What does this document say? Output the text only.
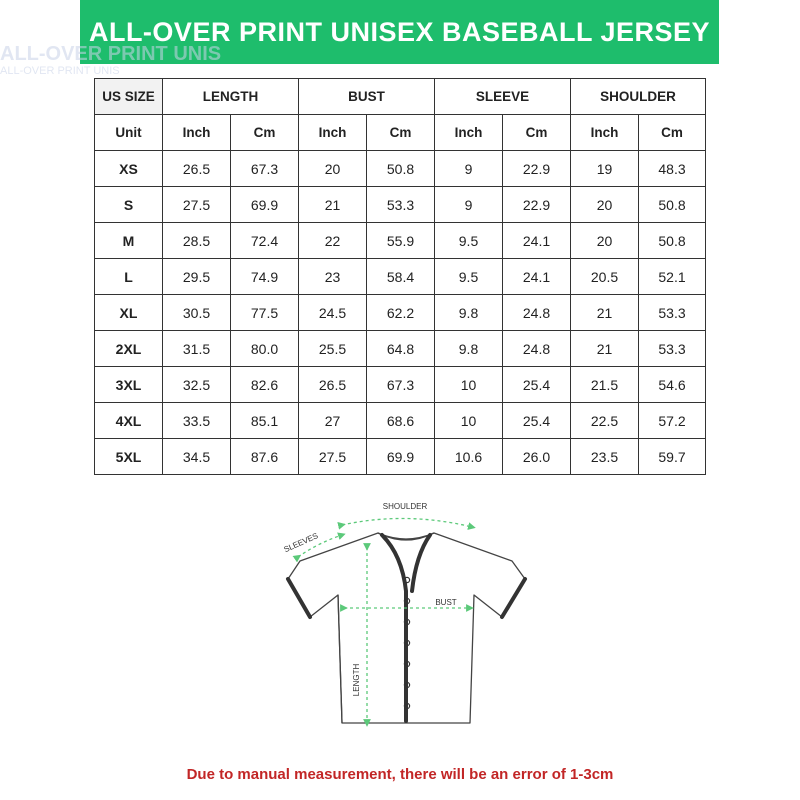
ALL-OVER PRINT UNISEX BASEBALL JERSEY
ALL-OVER PRINT UNIS
ALL-OVER PRINT UNIS
US SIZE	LENGTH		BUST		SLEEVE		SHOULDER	
Unit	Inch	Cm	Inch	Cm	Inch	Cm	Inch	Cm
XS	26.5	67.3	20	50.8	9	22.9	19	48.3
S	27.5	69.9	21	53.3	9	22.9	20	50.8
M	28.5	72.4	22	55.9	9.5	24.1	20	50.8
L	29.5	74.9	23	58.4	9.5	24.1	20.5	52.1
XL	30.5	77.5	24.5	62.2	9.8	24.8	21	53.3
2XL	31.5	80.0	25.5	64.8	9.8	24.8	21	53.3
3XL	32.5	82.6	26.5	67.3	10	25.4	21.5	54.6
4XL	33.5	85.1	27	68.6	10	25.4	22.5	57.2
5XL	34.5	87.6	27.5	69.9	10.6	26.0	23.5	59.7
SHOULDER
SLEEVES
BUST
LENGTH
Due to manual measurement, there will be an error of 1-3cm
